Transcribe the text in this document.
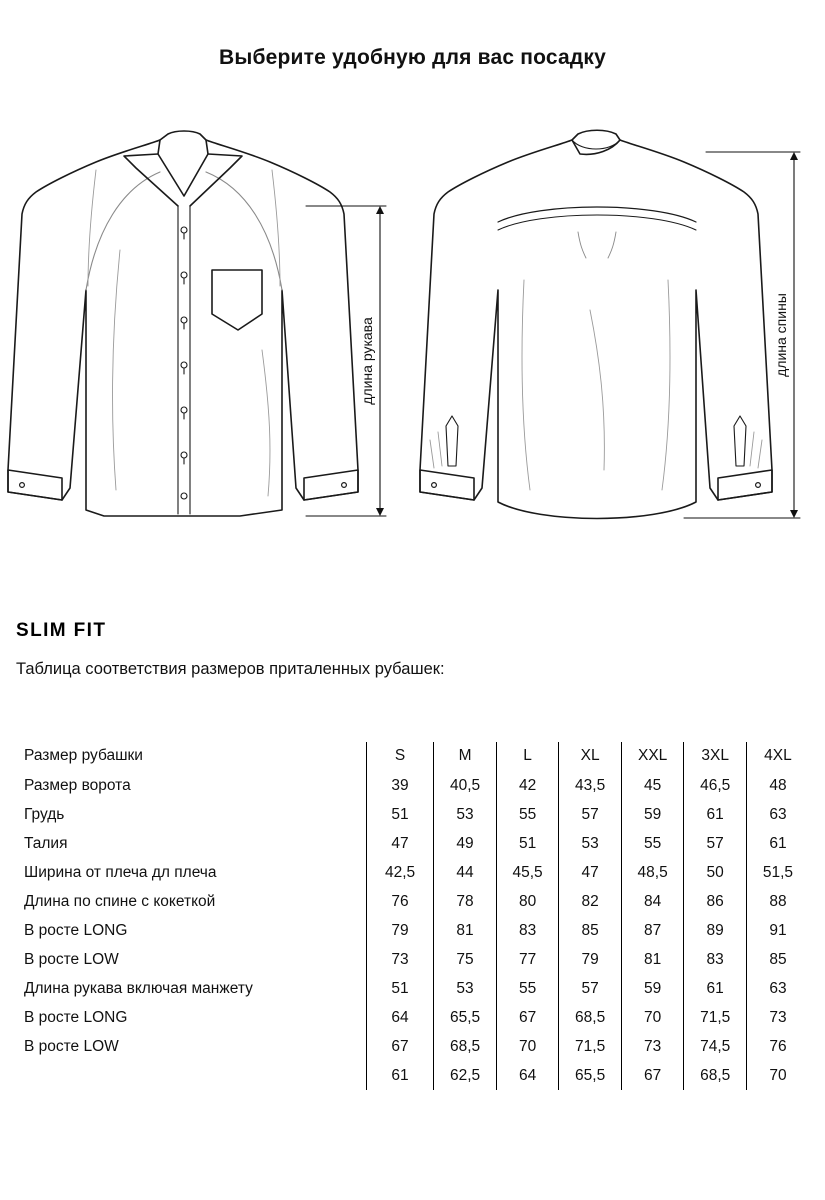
Выберите удобную для вас посадку
длина рукава	длина спины
SLIM FIT
Таблица соответствия размеров приталенных рубашек:
Размер рубашки	S	M	L	XL	XXL	3XL	4XL
Размер ворота	39	40,5	42	43,5	45	46,5	48
Грудь	51	53	55	57	59	61	63
Талия	47	49	51	53	55	57	61
Ширина от плеча дл плеча	42,5	44	45,5	47	48,5	50	51,5
Длина по спине с кокеткой	76	78	80	82	84	86	88
В росте LONG	79	81	83	85	87	89	91
В росте LOW	73	75	77	79	81	83	85
Длина рукава включая манжету	51	53	55	57	59	61	63
В росте LONG	64	65,5	67	68,5	70	71,5	73
В росте LOW	67	68,5	70	71,5	73	74,5	76
	61	62,5	64	65,5	67	68,5	70
